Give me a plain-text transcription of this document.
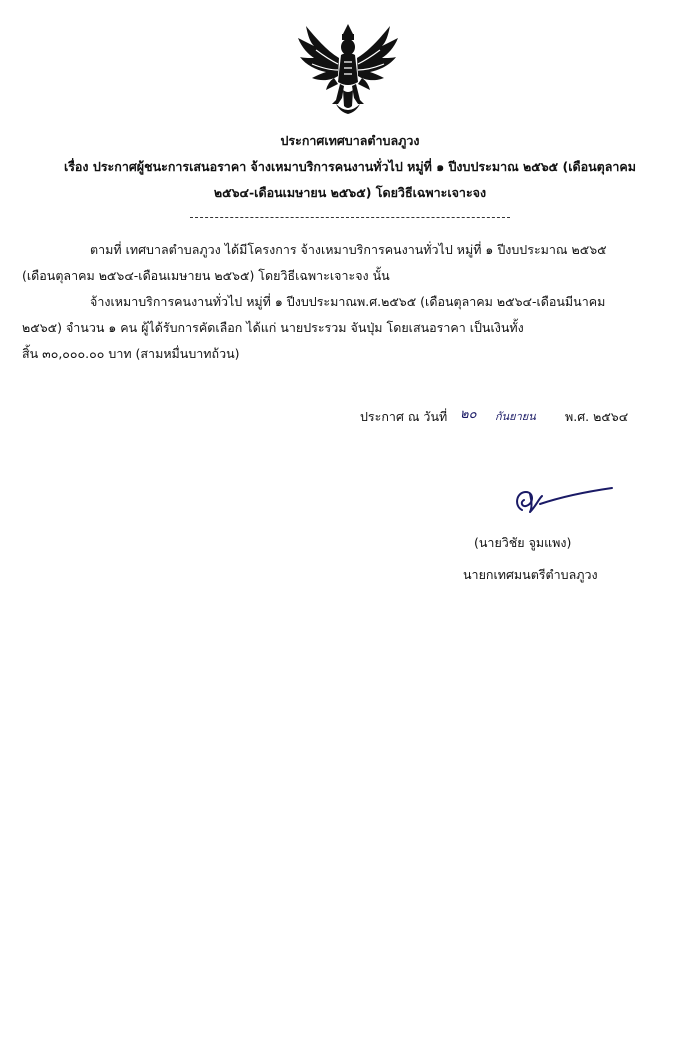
ประกาศเทศบาลตำบลภูวง
เรื่อง ประกาศผู้ชนะการเสนอราคา จ้างเหมาบริการคนงานทั่วไป หมู่ที่ ๑ ปีงบประมาณ ๒๕๖๕ (เดือนตุลาคม
๒๕๖๔-เดือนเมษายน ๒๕๖๕) โดยวิธีเฉพาะเจาะจง
ตามที่ เทศบาลตำบลภูวง ได้มีโครงการ จ้างเหมาบริการคนงานทั่วไป หมู่ที่ ๑ ปีงบประมาณ ๒๕๖๕
(เดือนตุลาคม ๒๕๖๔-เดือนเมษายน ๒๕๖๕) โดยวิธีเฉพาะเจาะจง นั้น
จ้างเหมาบริการคนงานทั่วไป หมู่ที่ ๑ ปีงบประมาณพ.ศ.๒๕๖๕ (เดือนตุลาคม ๒๕๖๔-เดือนมีนาคม
๒๕๖๕) จำนวน ๑ คน ผู้ได้รับการคัดเลือก ได้แก่ นายประรวม จันปุ่ม โดยเสนอราคา เป็นเงินทั้ง
สิ้น ๓๐,๐๐๐.๐๐ บาท (สามหมื่นบาทถ้วน)
ประกาศ ณ วันที่ ๒๐ กันยายน พ.ศ. ๒๕๖๔
(นายวิชัย จูมแพง)
นายกเทศมนตรีตำบลภูวง
